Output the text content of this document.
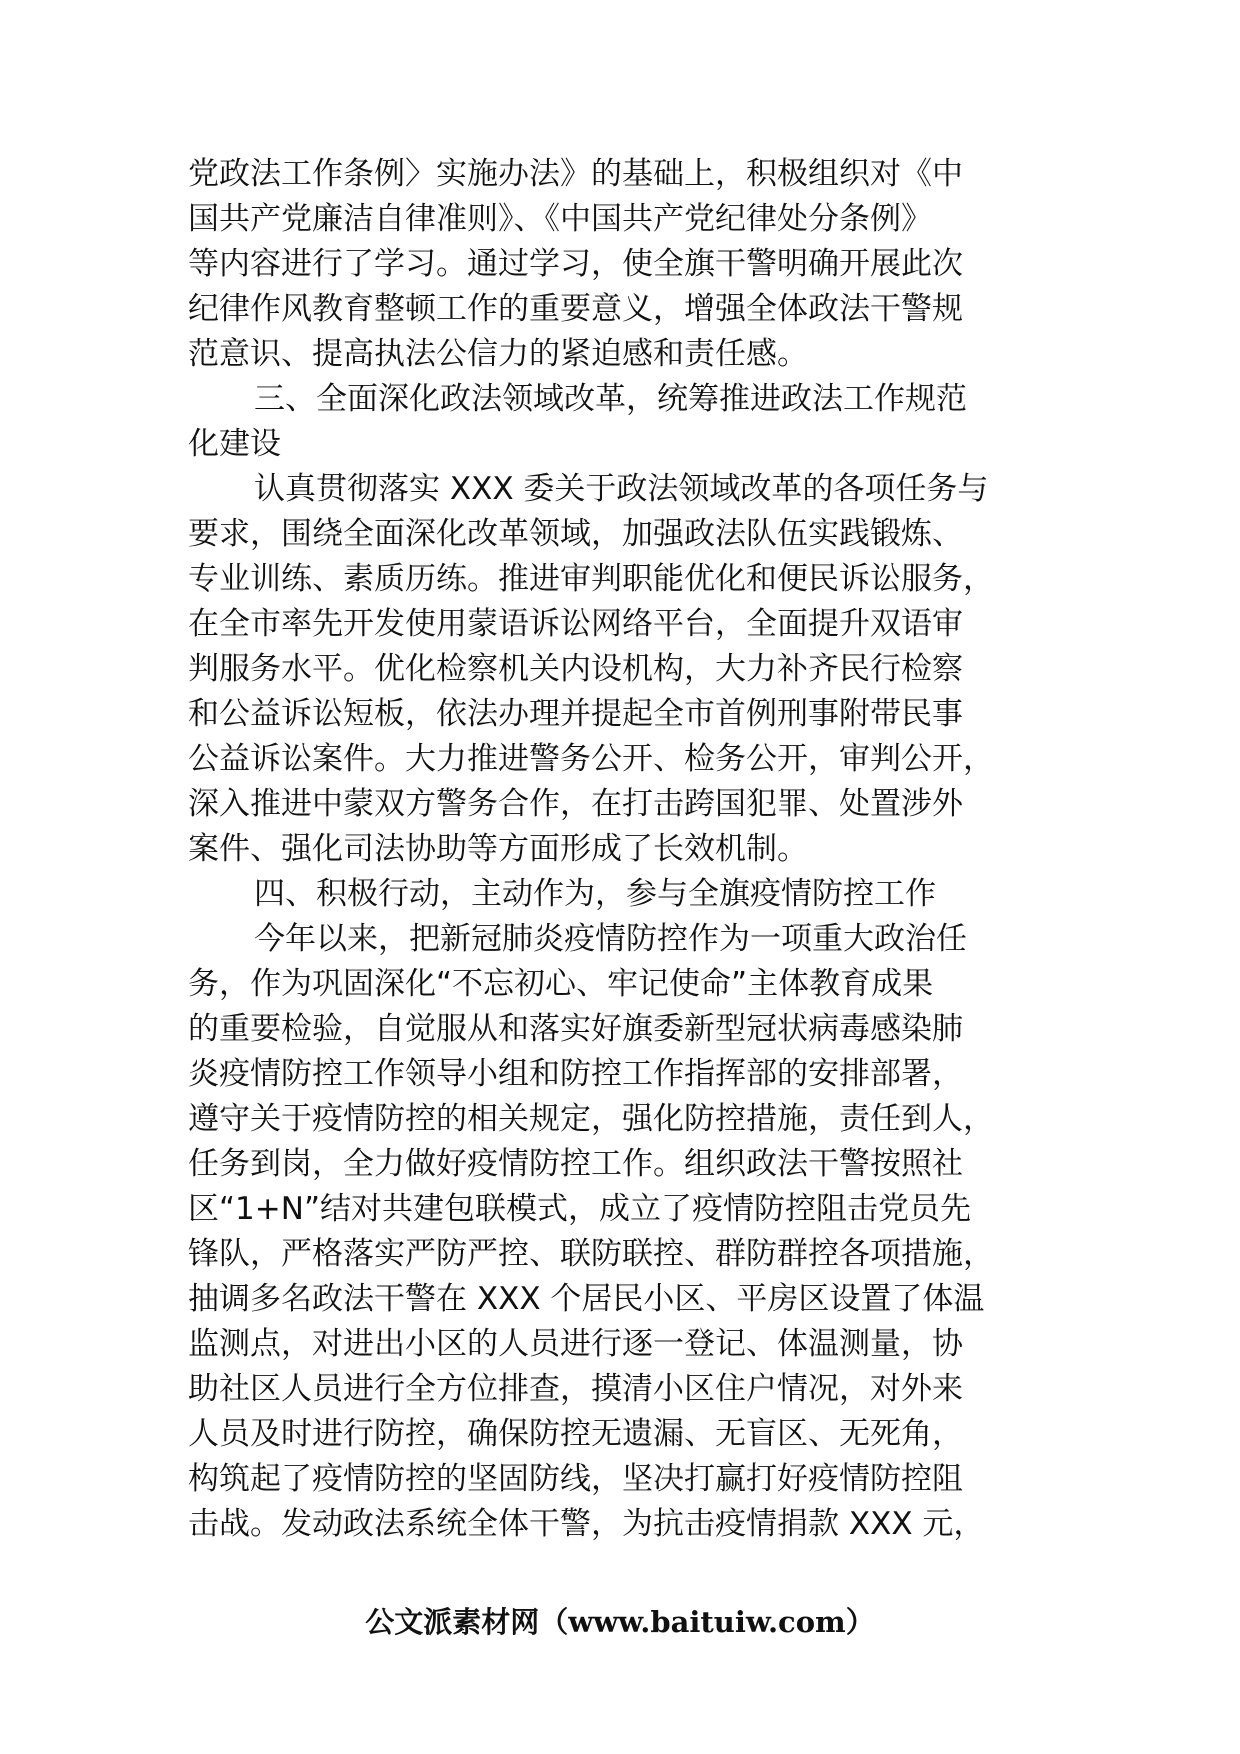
党政法工作条例〉实施办法》的基础上，积极组织对《中
国共产党廉洁自律准则》、《中国共产党纪律处分条例》
等内容进行了学习。通过学习，使全旗干警明确开展此次
纪律作风教育整顿工作的重要意义，增强全体政法干警规
范意识、提高执法公信力的紧迫感和责任感。
三、全面深化政法领域改革，统筹推进政法工作规范
化建设
认真贯彻落实 XXX 委关于政法领域改革的各项任务与
要求，围绕全面深化改革领域，加强政法队伍实践锻炼、
专业训练、素质历练。推进审判职能优化和便民诉讼服务，
在全市率先开发使用蒙语诉讼网络平台，全面提升双语审
判服务水平。优化检察机关内设机构，大力补齐民行检察
和公益诉讼短板，依法办理并提起全市首例刑事附带民事
公益诉讼案件。大力推进警务公开、检务公开，审判公开，
深入推进中蒙双方警务合作，在打击跨国犯罪、处置涉外
案件、强化司法协助等方面形成了长效机制。
四、积极行动，主动作为，参与全旗疫情防控工作
今年以来，把新冠肺炎疫情防控作为一项重大政治任
务，作为巩固深化“不忘初心、牢记使命”主体教育成果
的重要检验，自觉服从和落实好旗委新型冠状病毒感染肺
炎疫情防控工作领导小组和防控工作指挥部的安排部署，
遵守关于疫情防控的相关规定，强化防控措施，责任到人，
任务到岗，全力做好疫情防控工作。组织政法干警按照社
区“1+N”结对共建包联模式，成立了疫情防控阻击党员先
锋队，严格落实严防严控、联防联控、群防群控各项措施，
抽调多名政法干警在 XXX 个居民小区、平房区设置了体温
监测点，对进出小区的人员进行逐一登记、体温测量，协
助社区人员进行全方位排查，摸清小区住户情况，对外来
人员及时进行防控，确保防控无遗漏、无盲区、无死角，
构筑起了疫情防控的坚固防线，坚决打赢打好疫情防控阻
击战。发动政法系统全体干警，为抗击疫情捐款 XXX 元，
公文派素材网（www.baituiw.com）
